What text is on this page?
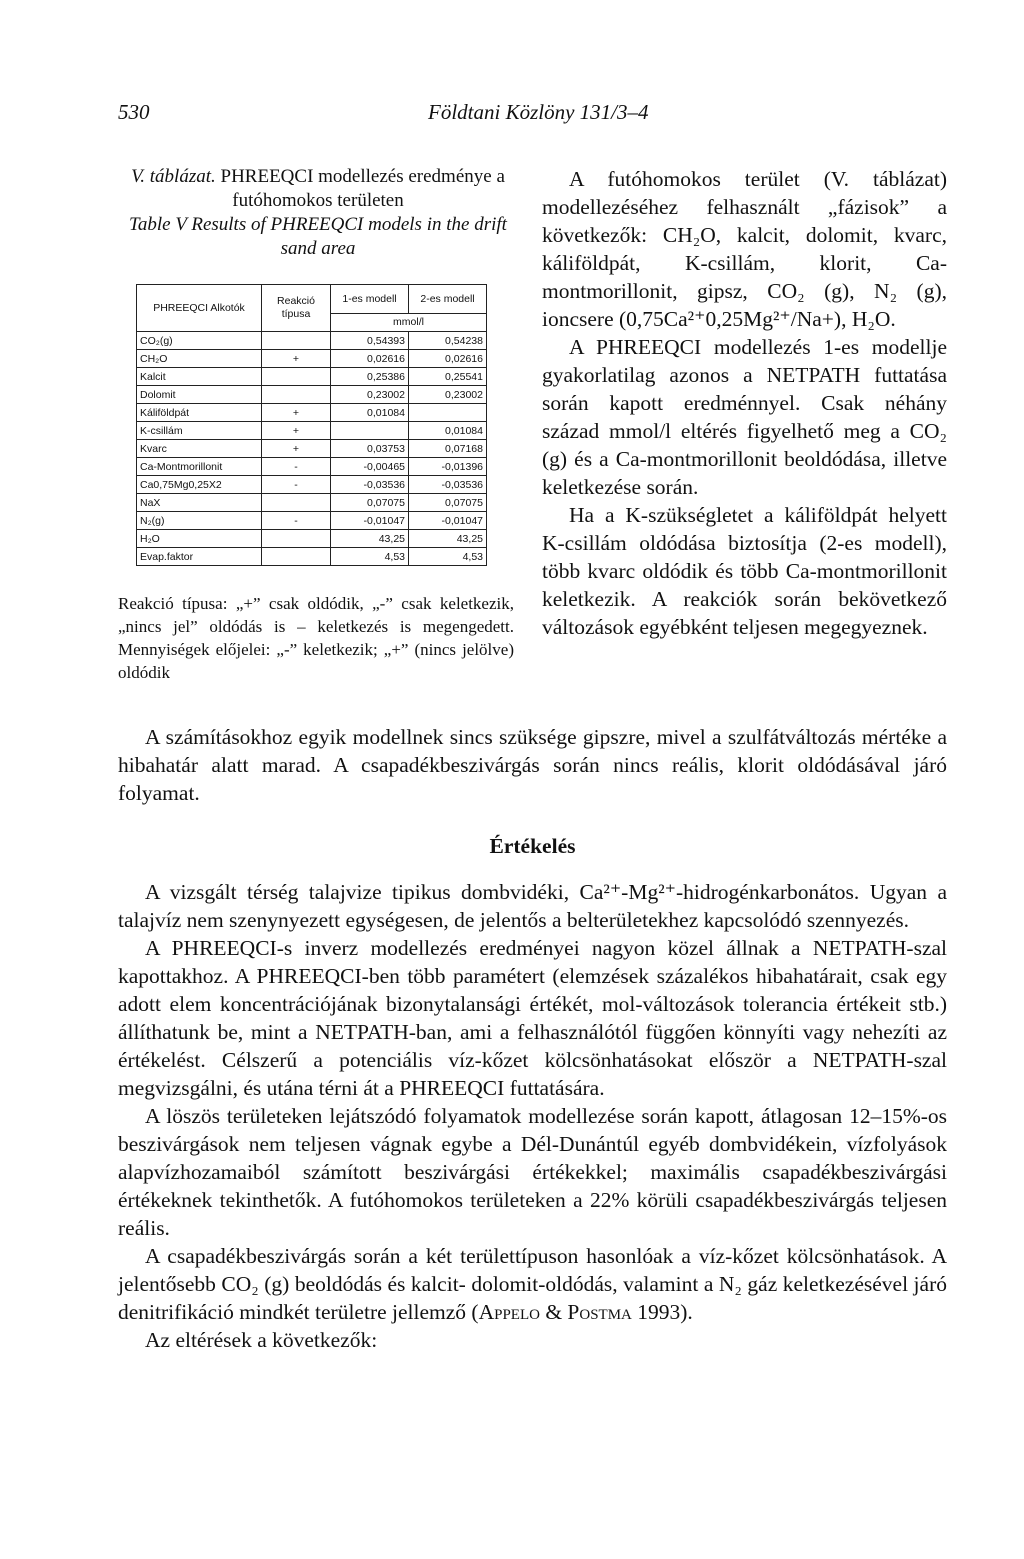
530	Földtani Közlöny 131/3–4
V. táblázat. PHREEQCI modellezés eredménye a futóhomokos területen
Table V Results of PHREEQCI models in the drift sand area
PHREEQCI Alkotók	Reakció típusa	1-es modell	2-es modell
		mmol/l	
CO₂(g)		0,54393	0,54238
CH₂O	+	0,02616	0,02616
Kalcit		0,25386	0,25541
Dolomit		0,23002	0,23002
Káliföldpát	+	0,01084	
K-csillám	+		0,01084
Kvarc	+	0,03753	0,07168
Ca-Montmorillonit	-	-0,00465	-0,01396
Ca0,75Mg0,25X2	-	-0,03536	-0,03536
NaX		0,07075	0,07075
N₂(g)	-	-0,01047	-0,01047
H₂O		43,25	43,25
Evap.faktor		4,53	4,53
Reakció típusa: „+” csak oldódik, „-” csak keletkezik, „nincs jel” oldódás is – keletkezés is megengedett. Mennyiségek előjelei: „-” keletkezik; „+” (nincs jelölve) oldódik

A futóhomokos terület (V. táblázat) modellezéséhez felhasznált „fázisok” a következők: CH₂O, kalcit, dolomit, kvarc, káliföldpát, K-csillám, klorit, Ca-montmorillonit, gipsz, CO₂ (g), N₂ (g), ioncsere (0,75Ca²⁺0,25Mg²⁺/Na+), H₂O.

A PHREEQCI modellezés 1-es modellje gyakorlatilag azonos a NETPATH futtatása során kapott eredménnyel. Csak néhány század mmol/l eltérés figyelhető meg a CO₂ (g) és a Ca-montmorillonit beoldódása, illetve keletkezése során.

Ha a K-szükségletet a káliföldpát helyett K-csillám oldódása biztosítja (2-es modell), több kvarc oldódik és több Ca-montmorillonit keletkezik. A reakciók során bekövetkező változások egyébként teljesen megegyeznek.

A számításokhoz egyik modellnek sincs szüksége gipszre, mivel a szulfátváltozás mértéke a hibahatár alatt marad. A csapadékbeszivárgás során nincs reális, klorit oldódásával járó folyamat.

Értékelés

A vizsgált térség talajvize tipikus dombvidéki, Ca²⁺-Mg²⁺-hidrogénkarbonátos. Ugyan a talajvíz nem szenynyezett egységesen, de jelentős a belterületekhez kapcsolódó szennyezés.

A PHREEQCI-s inverz modellezés eredményei nagyon közel állnak a NETPATH-szal kapottakhoz. A PHREEQCI-ben több paramétert (elemzések százalékos hibahatárait, csak egy adott elem koncentrációjának bizonytalansági értékét, mol-változások tolerancia értékeit stb.) állíthatunk be, mint a NETPATH-ban, ami a felhasználótól függően könnyíti vagy nehezíti az értékelést. Célszerű a potenciális víz-kőzet kölcsönhatásokat először a NETPATH-szal megvizsgálni, és utána térni át a PHREEQCI futtatására.

A löszös területeken lejátszódó folyamatok modellezése során kapott, átlagosan 12–15%-os beszivárgások nem teljesen vágnak egybe a Dél-Dunántúl egyéb dombvidékein, vízfolyások alapvízhozamaiból számított beszivárgási értékekkel; maximális csapadékbeszivárgási értékeknek tekinthetők. A futóhomokos területeken a 22% körüli csapadékbeszivárgás teljesen reális.

A csapadékbeszivárgás során a két területtípuson hasonlóak a víz-kőzet kölcsönhatások. A jelentősebb CO₂ (g) beoldódás és kalcit- dolomit-oldódás, valamint a N₂ gáz keletkezésével járó denitrifikáció mindkét területre jellemző (Appelo & Postma 1993).

Az eltérések a következők:
